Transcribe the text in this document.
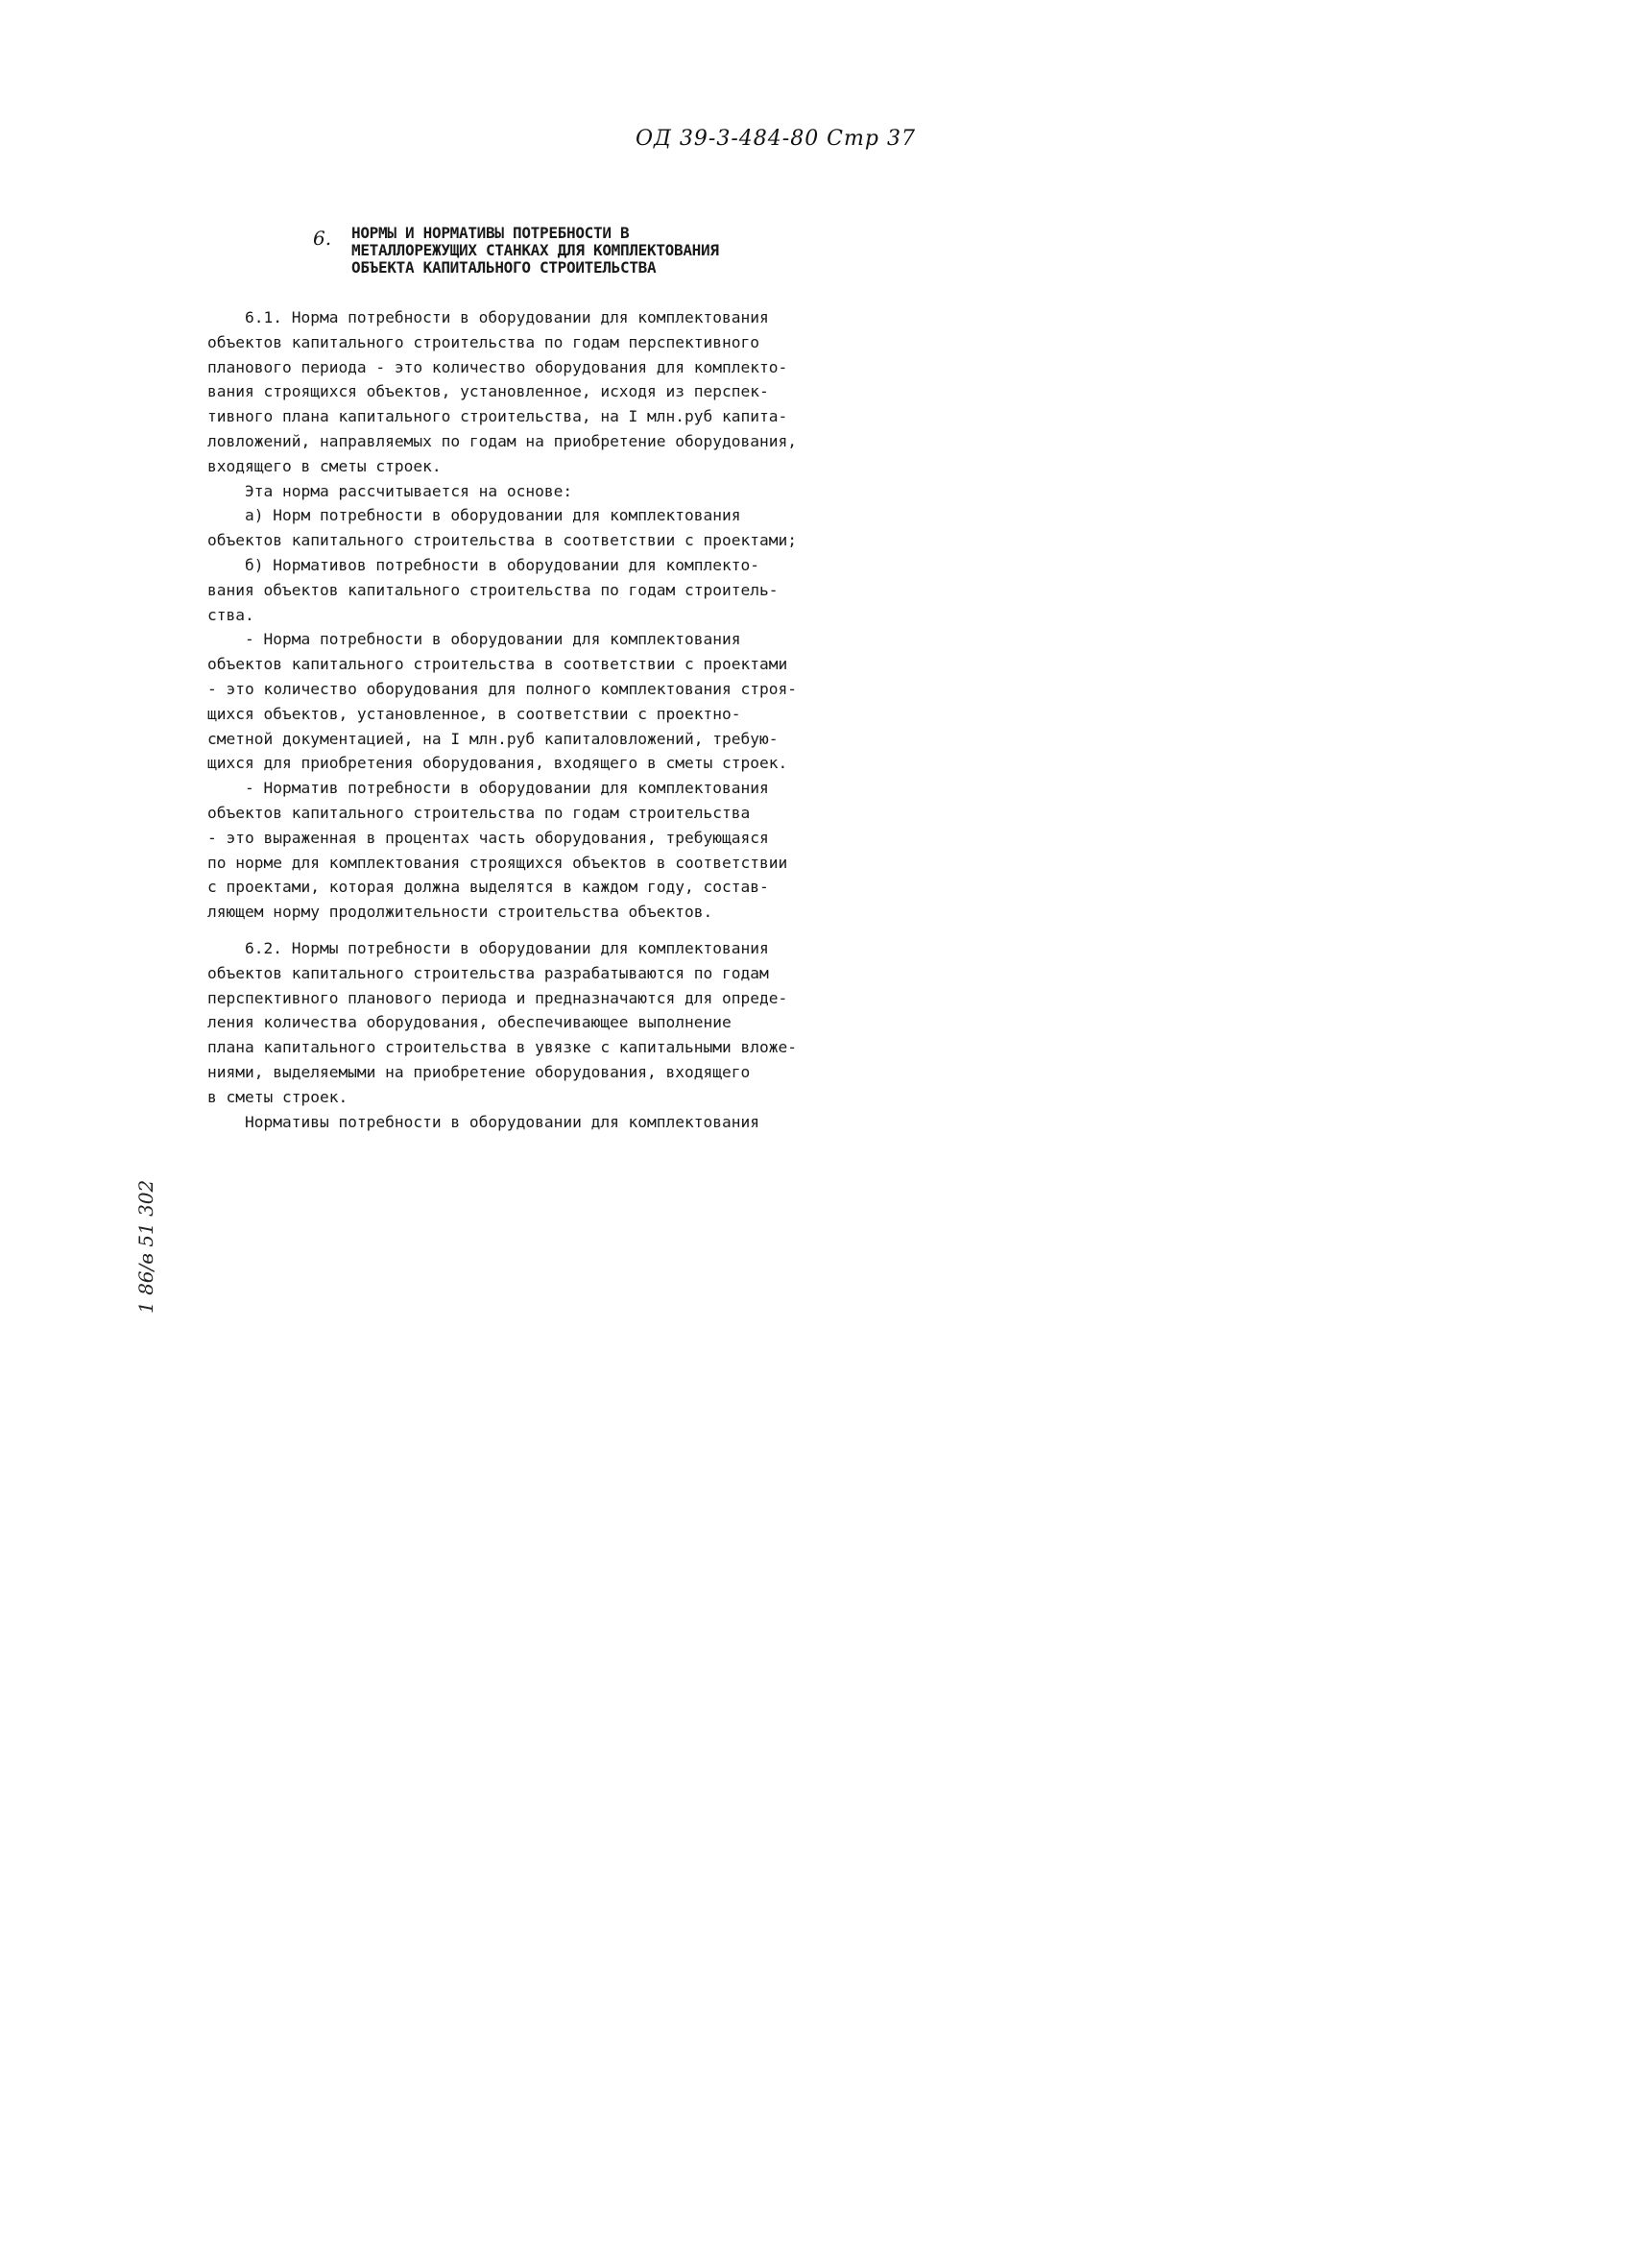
ОД 39-3-484-80 Стр 37
6. НОРМЫ И НОРМАТИВЫ ПОТРЕБНОСТИ В
МЕТАЛЛОРЕЖУЩИХ СТАНКАХ ДЛЯ КОМПЛЕКТОВАНИЯ
ОБЪЕКТА КАПИТАЛЬНОГО СТРОИТЕЛЬСТВА
6.1. Норма потребности в оборудовании для комплектования
объектов капитального строительства по годам перспективного
планового периода - это количество оборудования для комплекто-
вания строящихся объектов, установленное, исходя из перспек-
тивного плана капитального строительства, на I млн.руб капита-
ловложений, направляемых по годам на приобретение оборудования,
входящего в сметы строек.
Эта норма рассчитывается на основе:
а) Норм потребности в оборудовании для комплектования
объектов капитального строительства в соответствии с проектами;
б) Нормативов потребности в оборудовании для комплекто-
вания объектов капитального строительства по годам строитель-
ства.
- Норма потребности в оборудовании для комплектования
объектов капитального строительства в соответствии с проектами
- это количество оборудования для полного комплектования строя-
щихся объектов, установленное, в соответствии с проектно-
сметной документацией, на I млн.руб капиталовложений, требую-
щихся для приобретения оборудования, входящего в сметы строек.
- Норматив потребности в оборудовании для комплектования
объектов капитального строительства по годам строительства
- это выраженная в процентах часть оборудования, требующаяся
по норме для комплектования строящихся объектов в соответствии
с проектами, которая должна выделятся в каждом году, состав-
ляющем норму продолжительности строительства объектов.
6.2. Нормы потребности в оборудовании для комплектования
объектов капитального строительства разрабатываются по годам
перспективного планового периода и предназначаются для опреде-
ления количества оборудования, обеспечивающее выполнение
плана капитального строительства в увязке с капитальными вложе-
ниями, выделяемыми на приобретение оборудования, входящего
в сметы строек.
Нормативы потребности в оборудовании для комплектования
1 86/в 51 302
